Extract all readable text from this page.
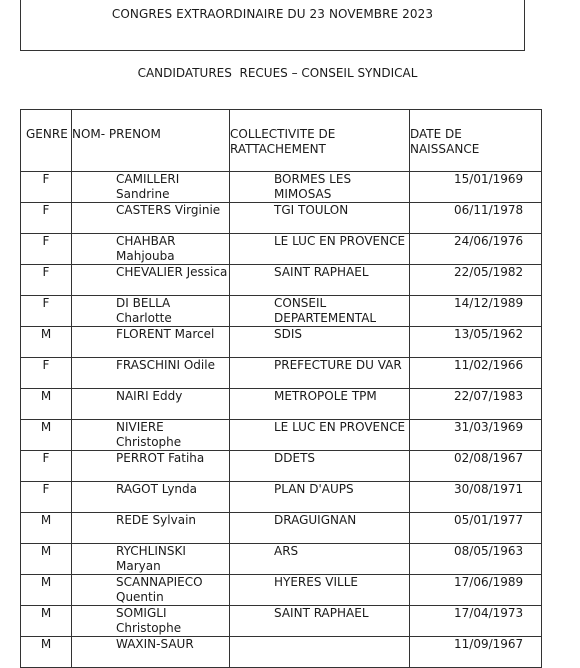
CONGRES EXTRAORDINAIRE DU 23 NOVEMBRE 2023
CANDIDATURES  RECUES – CONSEIL SYNDICAL
GENRE	NOM- PRENOM	COLLECTIVITE DE RATTACHEMENT	DATE DE NAISSANCE

F	CAMILLERI Sandrine	BORMES LES MIMOSAS	15/01/1969

F	CASTERS Virginie	TGI TOULON	06/11/1978

F	CHAHBAR Mahjouba	LE LUC EN PROVENCE	24/06/1976

F	CHEVALIER Jessica	SAINT RAPHAEL	22/05/1982

F	DI BELLA Charlotte	CONSEIL DEPARTEMENTAL	14/12/1989

M	FLORENT Marcel	SDIS	13/05/1962

F	FRASCHINI Odile	PREFECTURE DU VAR	11/02/1966

M	NAIRI Eddy	METROPOLE TPM	22/07/1983

M	NIVIERE Christophe	LE LUC EN PROVENCE	31/03/1969

F	PERROT Fatiha	DDETS	02/08/1967

F	RAGOT Lynda	PLAN D'AUPS	30/08/1971

M	REDE Sylvain	DRAGUIGNAN	05/01/1977

M	RYCHLINSKI Maryan	ARS	08/05/1963

M	SCANNAPIECO Quentin	HYERES VILLE	17/06/1989

M	SOMIGLI Christophe	SAINT RAPHAEL	17/04/1973

M	WAXIN-SAUR		11/09/1967
